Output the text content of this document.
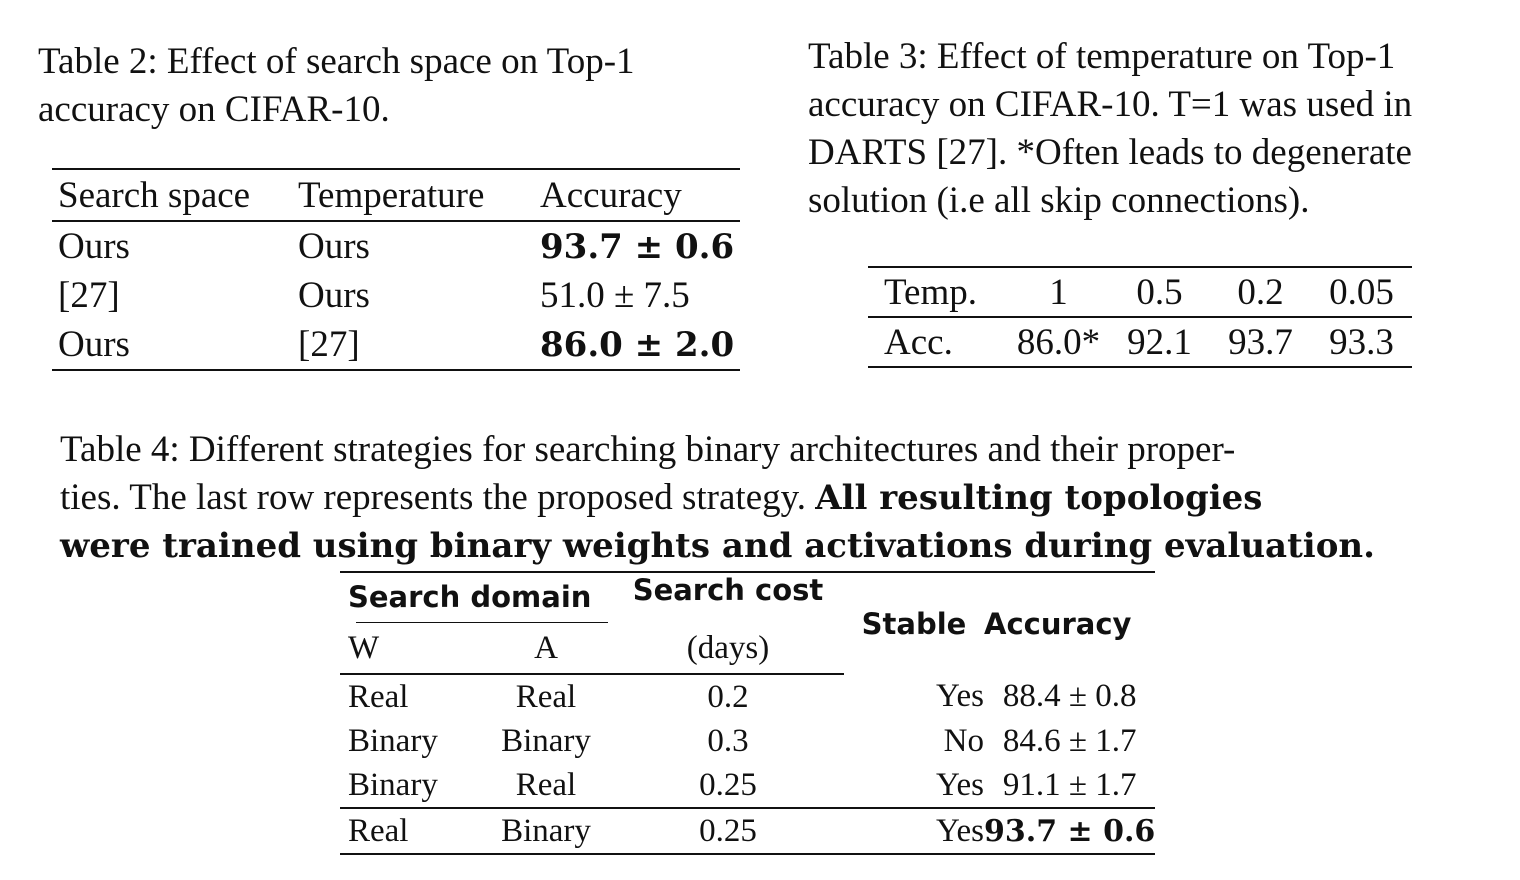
Table 2: Effect of search space on Top-1
accuracy on CIFAR-10.
Search space	Temperature	Accuracy
Ours	Ours	93.7 ± 0.6
[27]	Ours	51.0 ± 7.5
Ours	[27]	86.0 ± 2.0
Table 3: Effect of temperature on Top-1
accuracy on CIFAR-10. T=1 was used in
DARTS [27]. *Often leads to degenerate
solution (i.e all skip connections).
Temp.	1	0.5	0.2	0.05
Acc.	86.0*	92.1	93.7	93.3
Table 4: Different strategies for searching binary architectures and their proper-
ties. The last row represents the proposed strategy. All resulting topologies
were trained using binary weights and activations during evaluation.
Search domain		Search cost	Stable	Accuracy
W	A	(days)		
Real	Real	0.2	Yes	88.4 ± 0.8
Binary	Binary	0.3	No	84.6 ± 1.7
Binary	Real	0.25	Yes	91.1 ± 1.7
Real	Binary	0.25	Yes	93.7 ± 0.6
